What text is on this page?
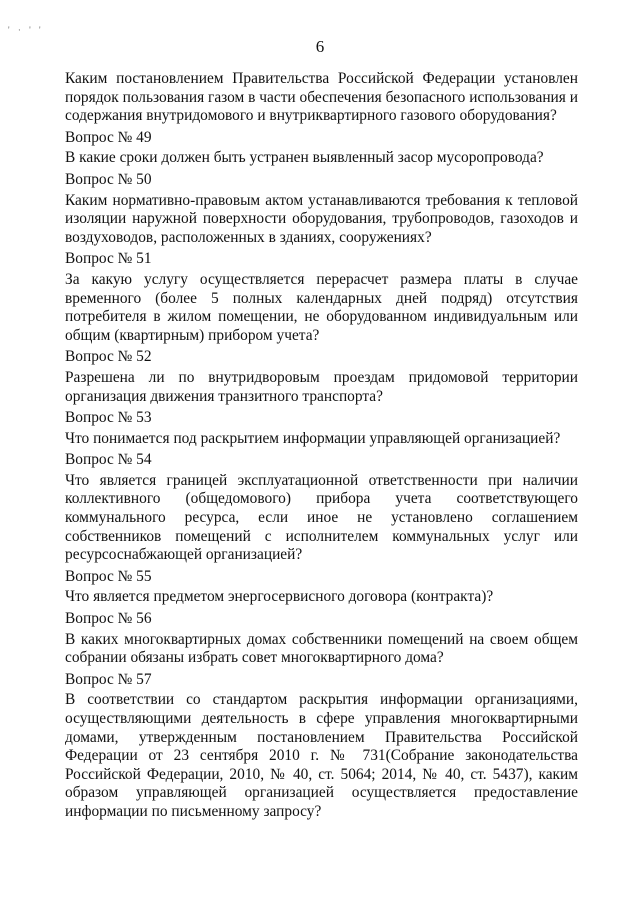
' · ' '
6

Каким постановлением Правительства Российской Федерации установлен порядок пользования газом в части обеспечения безопасного использования и содержания внутридомового и внутриквартирного газового оборудования?

Вопрос № 49

В какие сроки должен быть устранен выявленный засор мусоропровода?

Вопрос № 50

Каким нормативно-правовым актом устанавливаются требования к тепловой изоляции наружной поверхности оборудования, трубопроводов, газоходов и воздуховодов, расположенных в зданиях, сооружениях?

Вопрос № 51

За какую услугу осуществляется перерасчет размера платы в случае временного (более 5 полных календарных дней подряд) отсутствия потребителя в жилом помещении, не оборудованном индивидуальным или общим (квартирным) прибором учета?

Вопрос № 52

Разрешена ли по внутридворовым проездам придомовой территории организация движения транзитного транспорта?

Вопрос № 53

Что понимается под раскрытием информации управляющей организацией?

Вопрос № 54

Что является границей эксплуатационной ответственности при наличии коллективного (общедомового) прибора учета соответствующего коммунального ресурса, если иное не установлено соглашением собственников помещений с исполнителем коммунальных услуг или ресурсоснабжающей организацией?

Вопрос № 55

Что является предметом энергосервисного договора (контракта)?

Вопрос № 56

В каких многоквартирных домах собственники помещений на своем общем собрании обязаны избрать совет многоквартирного дома?

Вопрос № 57

В соответствии со стандартом раскрытия информации организациями, осуществляющими деятельность в сфере управления многоквартирными домами, утвержденным постановлением Правительства Российской Федерации от 23 сентября 2010 г. № 731(Собрание законодательства Российской Федерации, 2010, № 40, ст. 5064; 2014, № 40, ст. 5437), каким образом управляющей организацией осуществляется предоставление информации по письменному запросу?
